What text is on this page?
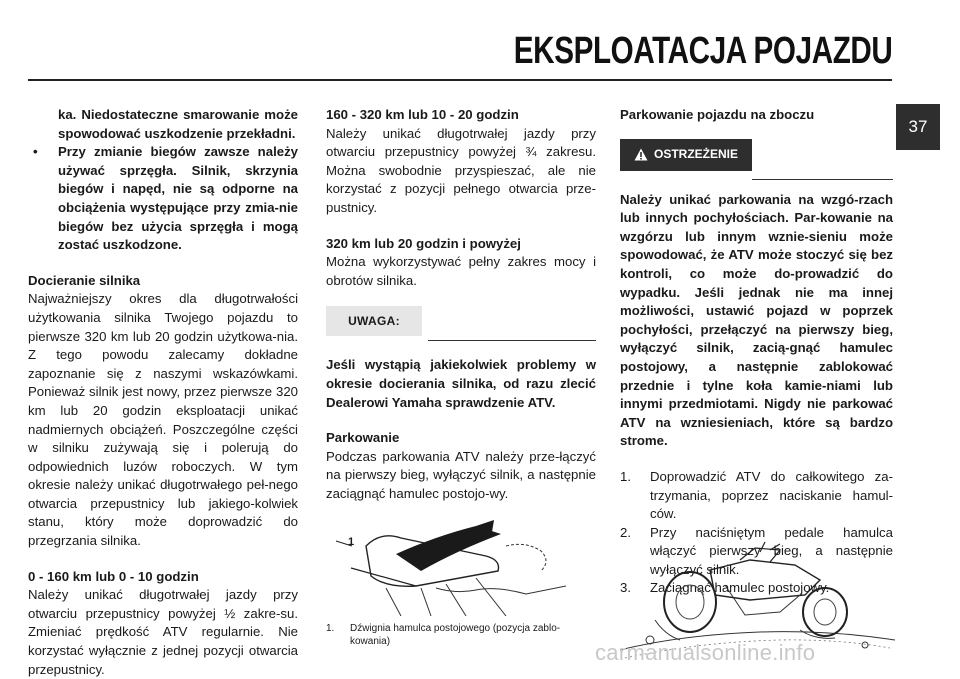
EKSPLOATACJA POJAZDU
37

ka. Niedostateczne smarowanie może spowodować uszkodzenie przekładni.

• Przy zmianie biegów zawsze należy używać sprzęgła. Silnik, skrzynia biegów i napęd, nie są odporne na obciążenia występujące przy zmia-nie biegów bez użycia sprzęgła i mogą zostać uszkodzone.

Docieranie silnika

Najważniejszy okres dla długotrwałości użytkowania silnika Twojego pojazdu to pierwsze 320 km lub 20 godzin użytkowa-nia. Z tego powodu zalecamy dokładne zapoznanie się z naszymi wskazówkami. Ponieważ silnik jest nowy, przez pierwsze 320 km lub 20 godzin eksploatacji unikać nadmiernych obciążeń. Poszczególne części w silniku zużywają się i polerują do odpowiednich luzów roboczych. W tym okresie należy unikać długotrwałego peł-nego otwarcia przepustnicy lub jakiego-kolwiek stanu, który może doprowadzić do przegrzania silnika.

0 - 160 km lub 0 - 10 godzin

Należy unikać długotrwałej jazdy przy otwarciu przepustnicy powyżej ½ zakre-su. Zmieniać prędkość ATV regularnie. Nie korzystać wyłącznie z jednej pozycji otwarcia przepustnicy.

160 - 320 km lub 10 - 20 godzin

Należy unikać długotrwałej jazdy przy otwarciu przepustnicy powyżej ¾ zakresu. Można swobodnie przyspieszać, ale nie korzystać z pozycji pełnego otwarcia prze-pustnicy.

320 km lub 20 godzin i powyżej

Można wykorzystywać pełny zakres mocy i obrotów silnika.

UWAGA:

Jeśli wystąpią jakiekolwiek problemy w okresie docierania silnika, od razu zlecić Dealerowi Yamaha sprawdzenie ATV.

Parkowanie

Podczas parkowania ATV należy prze-łączyć na pierwszy bieg, wyłączyć silnik, a następnie zaciągnąć hamulec postojo-wy.

1
1. Dźwignia hamulca postojowego (pozycja zablo-kowania)

Parkowanie pojazdu na zboczu

OSTRZEŻENIE

Należy unikać parkowania na wzgó-rzach lub innych pochyłościach. Par-kowanie na wzgórzu lub innym wznie-sieniu może spowodować, że ATV może stoczyć się bez kontroli, co może do-prowadzić do wypadku. Jeśli jednak nie ma innej możliwości, ustawić pojazd w poprzek pochyłości, przełączyć na pierwszy bieg, wyłączyć silnik, zacią-gnąć hamulec postojowy, a następnie zablokować przednie i tylne koła kamie-niami lub innymi przedmiotami. Nigdy nie parkować ATV na wzniesieniach, które są bardzo strome.

1. Doprowadzić ATV do całkowitego za-trzymania, poprzez naciskanie hamul-ców.
2. Przy naciśniętym pedale hamulca włączyć pierwszy bieg, a następnie wyłączyć silnik.
3. Zaciągnąć hamulec postojowy.
carmanualsonline.info
